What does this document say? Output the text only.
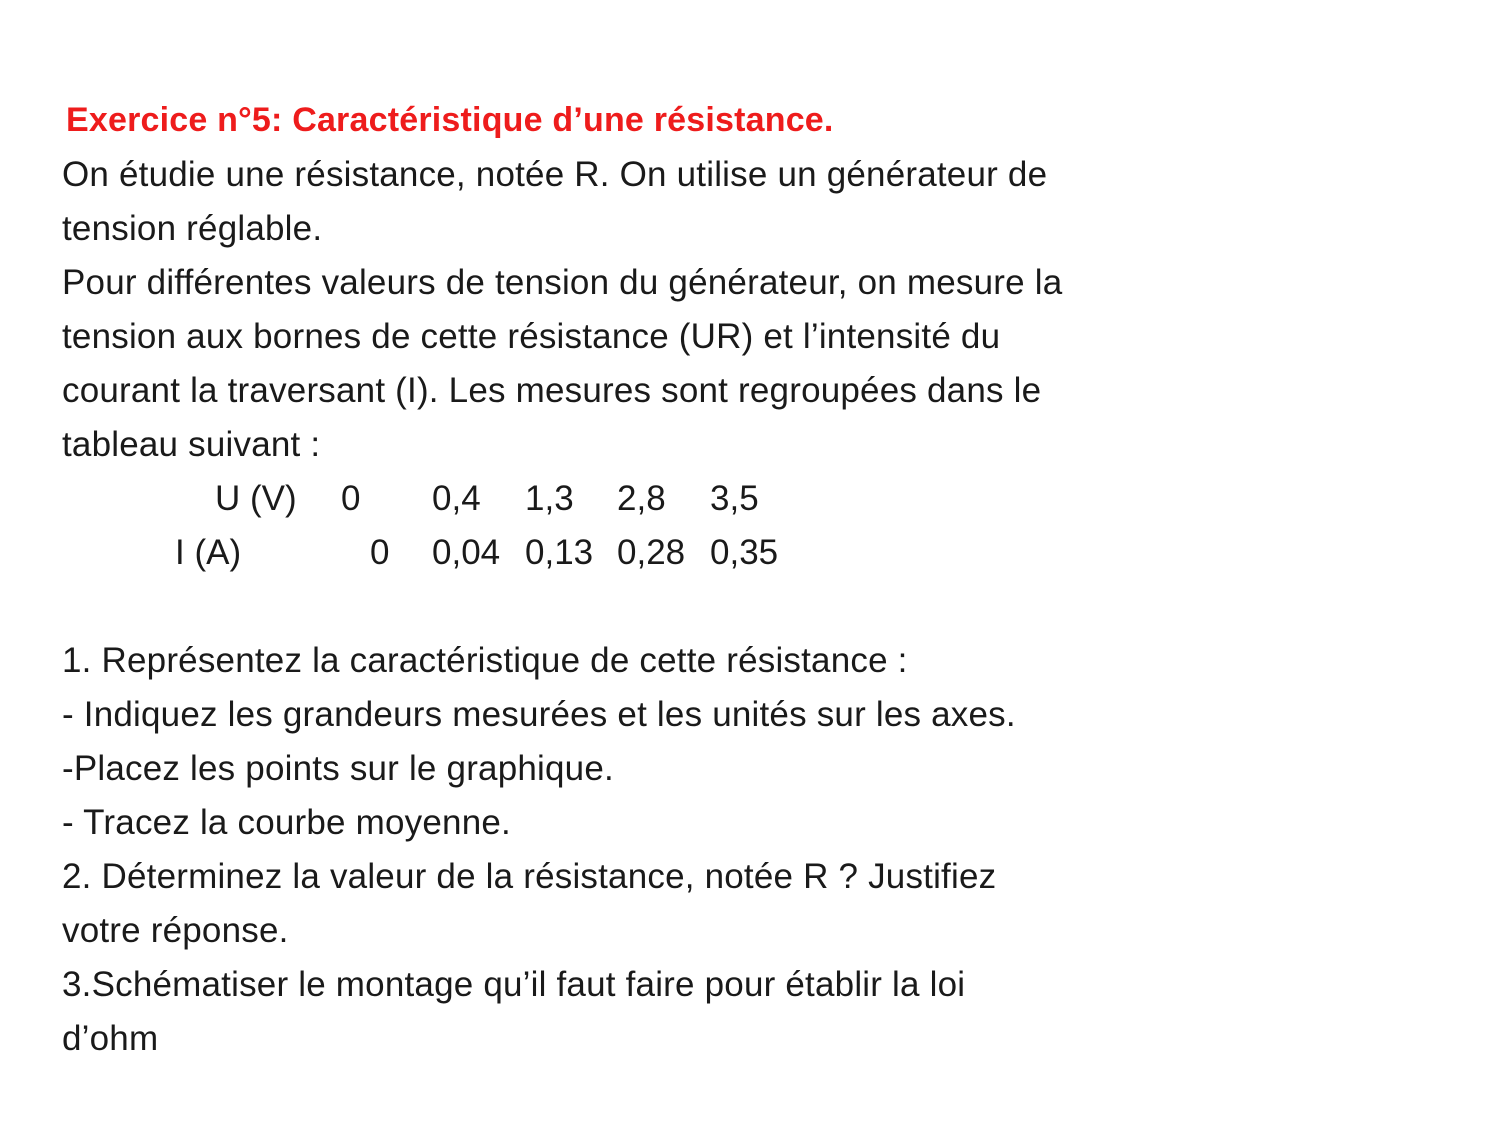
Exercice n°5: Caractéristique d’une résistance.
On étudie une résistance, notée R. On utilise un générateur de
tension réglable.
Pour différentes valeurs de tension du générateur, on mesure la
tension aux bornes de cette résistance (UR) et l’intensité du
courant la traversant (I). Les mesures sont regroupées dans le
tableau suivant :
U (V) 0 0,4 1,3 2,8 3,5
I (A)	0 0,04 0,13 0,28 0,35
1. Représentez la caractéristique de cette résistance :
- Indiquez les grandeurs mesurées et les unités sur les axes.
-Placez les points sur le graphique.
- Tracez la courbe moyenne.
2. Déterminez la valeur de la résistance, notée R ? Justifiez
votre réponse.
3.Schématiser le montage qu’il faut faire pour établir la loi
d’ohm
